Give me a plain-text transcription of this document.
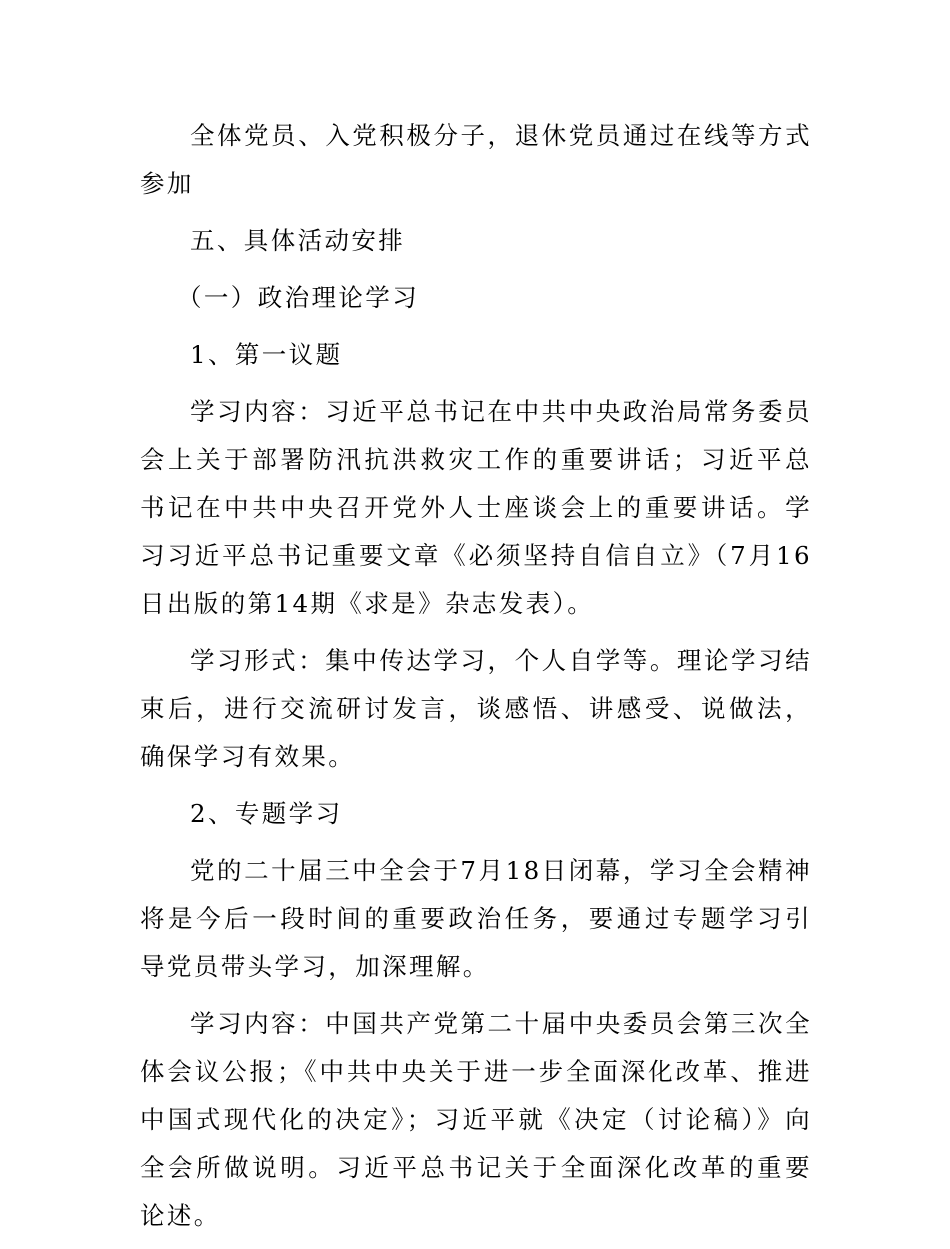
全体党员、入党积极分子，退休党员通过在线等方式参加

五、具体活动安排

（一）政治理论学习

1、第一议题

学习内容：习近平总书记在中共中央政治局常务委员会上关于部署防汛抗洪救灾工作的重要讲话；习近平总书记在中共中央召开党外人士座谈会上的重要讲话。学习习近平总书记重要文章《必须坚持自信自立》（7月16日出版的第14期《求是》杂志发表）。

学习形式：集中传达学习，个人自学等。理论学习结束后，进行交流研讨发言，谈感悟、讲感受、说做法，确保学习有效果。

2、专题学习

党的二十届三中全会于7月18日闭幕，学习全会精神将是今后一段时间的重要政治任务，要通过专题学习引导党员带头学习，加深理解。

学习内容：中国共产党第二十届中央委员会第三次全体会议公报；《中共中央关于进一步全面深化改革、推进中国式现代化的决定》；习近平就《决定（讨论稿）》向全会所做说明。习近平总书记关于全面深化改革的重要论述。
